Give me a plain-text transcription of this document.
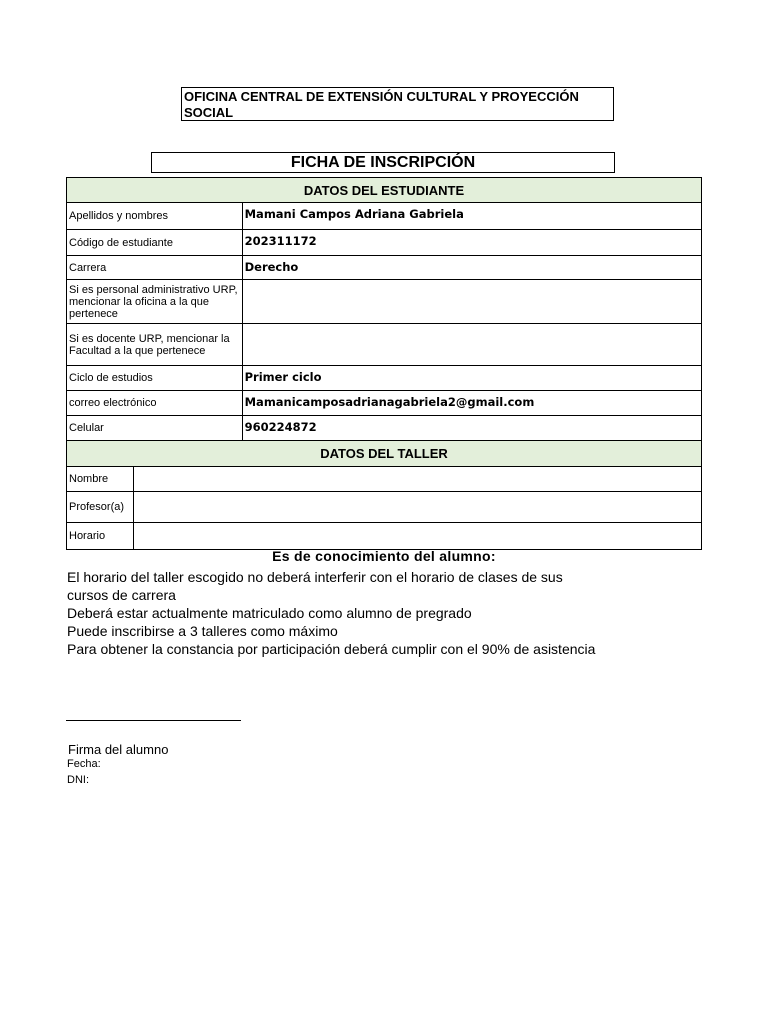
OFICINA CENTRAL DE EXTENSIÓN CULTURAL Y PROYECCIÓN SOCIAL
FICHA DE INSCRIPCIÓN
DATOS DEL ESTUDIANTE	
Apellidos y nombres	Mamani Campos Adriana Gabriela
Código de estudiante	202311172
Carrera	Derecho
Si es personal administrativo URP, mencionar la oficina a la que pertenece	
Si es docente URP, mencionar la Facultad a la que pertenece	
Ciclo de estudios	Primer ciclo
correo electrónico	Mamanicamposadrianagabriela2@gmail.com
Celular	960224872
DATOS DEL TALLER	
Nombre	
Profesor(a)	
Horario	
Es de conocimiento del alumno:

El horario del taller escogido no deberá interferir con el horario de clases de sus cursos de carrera

Deberá estar actualmente matriculado como alumno de pregrado

Puede inscribirse a 3 talleres como máximo

Para obtener la constancia por participación deberá cumplir con el 90% de asistencia

Firma del alumno
Fecha:
DNI:
